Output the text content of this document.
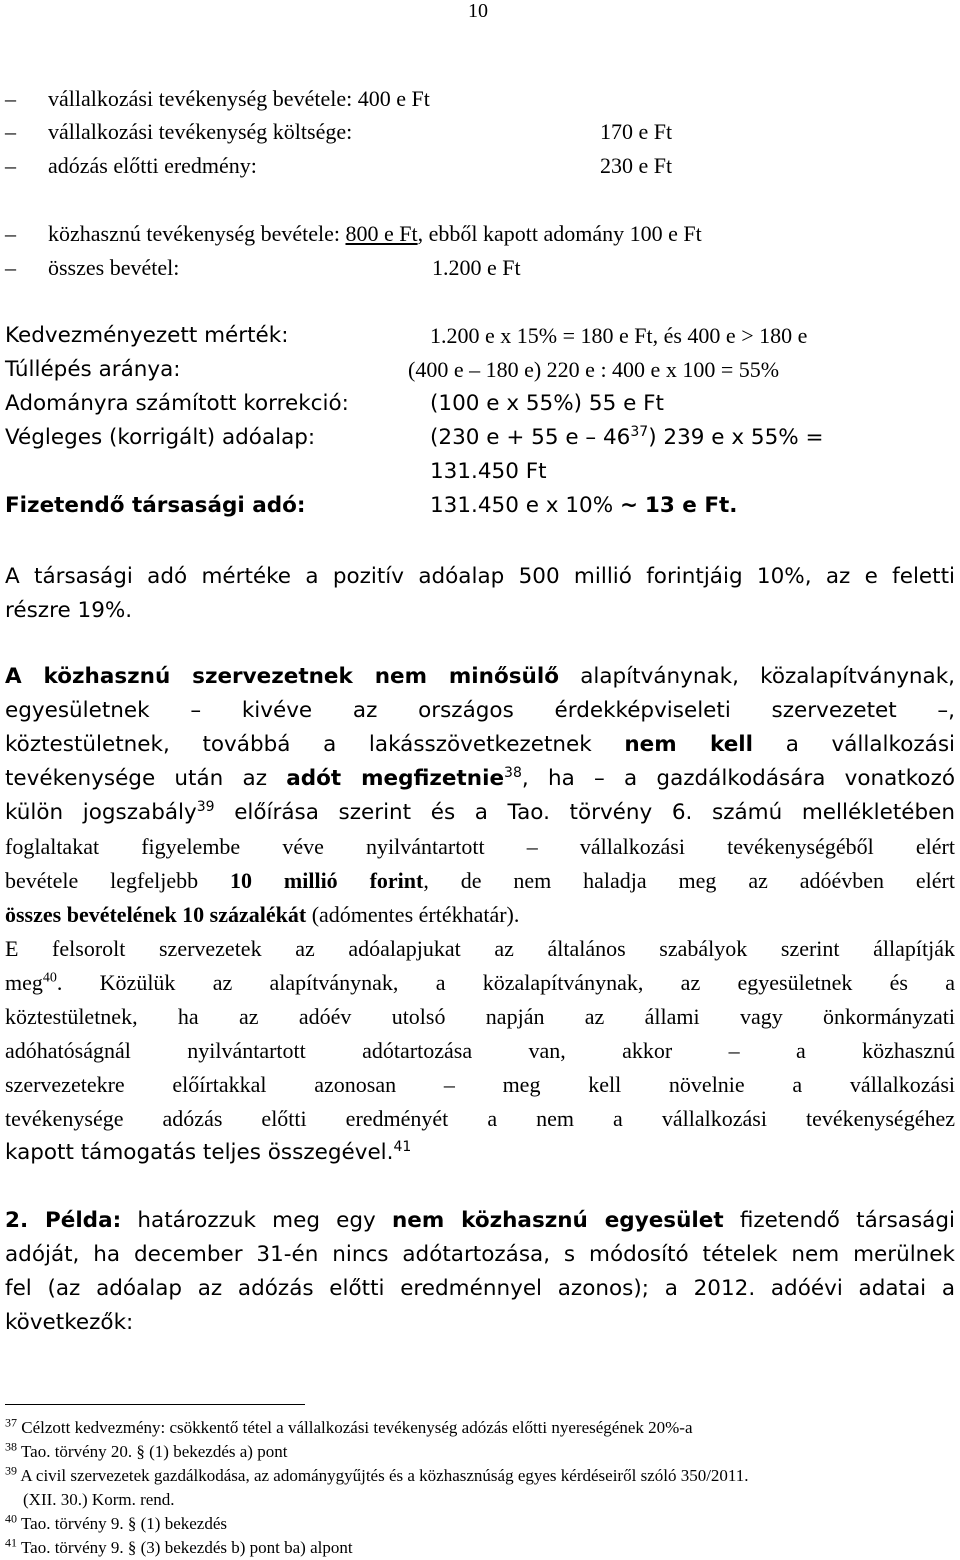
10
– vállalkozási tevékenység bevétele: 400 e Ft
– vállalkozási tevékenység költsége:	170 e Ft
– adózás előtti eredmény:	230 e Ft
– közhasznú tevékenység bevétele: 800 e Ft, ebből kapott adomány 100 e Ft
– összes bevétel:	1.200 e Ft
Kedvezményezett mérték:	1.200 e x 15% = 180 e Ft, és 400 e > 180 e
Túllépés aránya:	(400 e – 180 e) 220 e : 400 e x 100 = 55%
Adományra számított korrekció:	(100 e x 55%) 55 e Ft
Végleges (korrigált) adóalap:	(230 e + 55 e – $46^{37}$) 239 e x 55% =
131.450 Ft
Fizetendő társasági adó:	131.450 e x 10% ~ 13 e Ft.
A társasági adó mértéke a pozitív adóalap 500 millió forintjáig 10%, az e feletti
részre 19%.
A közhasznú szervezetnek nem minősülő alapítványnak, közalapítványnak,
egyesületnek – kivéve az országos érdekképviseleti szervezetet –,
köztestületnek, továbbá a lakásszövetkezetnek nem kell a vállalkozási
tevékenysége után az adót megfizetnie$^{38}$, ha – a gazdálkodására vonatkozó
külön jogszabály$^{39}$ előírása szerint és a Tao. törvény 6. számú mellékletében
foglaltakat figyelembe véve nyilvántartott – vállalkozási tevékenységéből elért
bevétele legfeljebb 10 millió forint, de nem haladja meg az adóévben elért
összes bevételének 10 százalékát (adómentes értékhatár).
E felsorolt szervezetek az adóalapjukat az általános szabályok szerint állapítják
meg$^{40}$. Közülük az alapítványnak, a közalapítványnak, az egyesületnek és a
köztestületnek, ha az adóév utolsó napján az állami vagy önkormányzati
adóhatóságnál nyilvántartott adótartozása van, akkor – a közhasznú
szervezetekre előírtakkal azonosan – meg kell növelnie a vállalkozási
tevékenysége adózás előtti eredményét a nem a vállalkozási tevékenységéhez
kapott támogatás teljes összegével.$^{41}$
2. Példa: határozzuk meg egy nem közhasznú egyesület fizetendő társasági
adóját, ha december 31-én nincs adótartozása, s módosító tételek nem merülnek
fel (az adóalap az adózás előtti eredménnyel azonos); a 2012. adóévi adatai a
következők:
$^{37}$ Célzott kedvezmény: csökkentő tétel a vállalkozási tevékenység adózás előtti nyereségének 20%-a
$^{38}$ Tao. törvény 20. § (1) bekezdés a) pont
$^{39}$ A civil szervezetek gazdálkodása, az adománygyűjtés és a közhasznúság egyes kérdéseiről szóló 350/2011.
(XII. 30.) Korm. rend.
$^{40}$ Tao. törvény 9. § (1) bekezdés
$^{41}$ Tao. törvény 9. § (3) bekezdés b) pont ba) alpont
